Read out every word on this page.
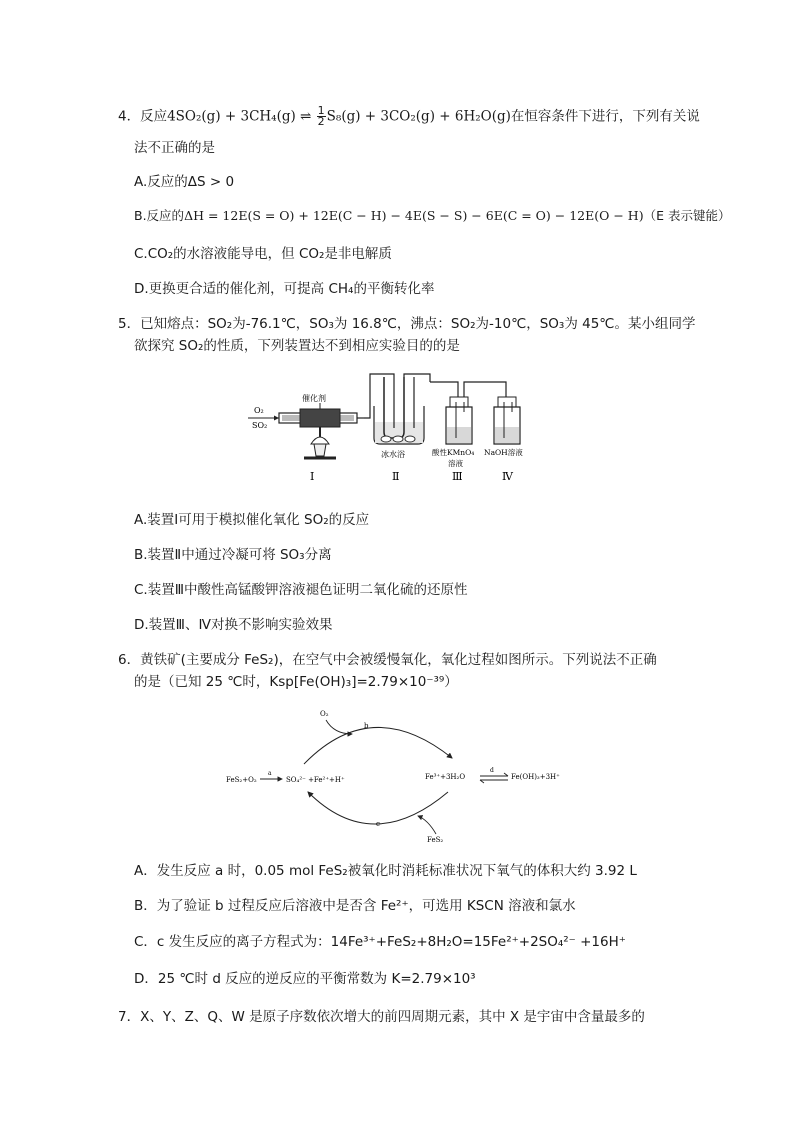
4．反应4SO₂(g) + 3CH₄(g) ⇌ $\frac{1}{2} S_8(g) + 3CO_2(g) + 6H_2O(g)$在恒容条件下进行，下列有关说
法不正确的是
A.反应的ΔS > 0
B.反应的ΔH = 12E(S = O) + 12E(C − H) − 4E(S − S) − 6E(C = O) − 12E(O − H)（E 表示键能）
C.CO₂的水溶液能导电，但 CO₂是非电解质
D.更换更合适的催化剂，可提高 CH₄的平衡转化率
5．已知熔点：SO₂为-76.1℃，SO₃为 16.8℃，沸点：SO₂为-10℃，SO₃为 45℃。某小组同学
欲探究 SO₂的性质，下列装置达不到相应实验目的的是
O₂
SO₂
催化剂
冰水浴	酸性KMnO₄
溶液
NaOH溶液
Ⅰ	Ⅱ	Ⅲ	Ⅳ
A.装置Ⅰ可用于模拟催化氧化 SO₂的反应
B.装置Ⅱ中通过冷凝可将 SO₃分离
C.装置Ⅲ中酸性高锰酸钾溶液褪色证明二氧化硫的还原性
D.装置Ⅲ、Ⅳ对换不影响实验效果
6．黄铁矿(主要成分 FeS₂)，在空气中会被缓慢氧化，氧化过程如图所示。下列说法不正确
的是（已知 25 ℃时，Ksp[Fe(OH)₃]=2.79×10⁻³⁹）
O₂
b
FeS₂+O₂
a
SO₄²⁻ +Fe²⁺+H⁺	Fe³⁺+3H₂O
d
Fe(OH)₃+3H⁺
c
FeS₂
A．发生反应 a 时，0.05 mol FeS₂被氧化时消耗标准状况下氧气的体积大约 3.92 L
B．为了验证 b 过程反应后溶液中是否含 Fe²⁺，可选用 KSCN 溶液和氯水
C．c 发生反应的离子方程式为：14Fe³⁺+FeS₂+8H₂O=15Fe²⁺+2SO₄²⁻ +16H⁺
D．25 ℃时 d 反应的逆反应的平衡常数为 K=2.79×10³
7．X、Y、Z、Q、W 是原子序数依次增大的前四周期元素，其中 X 是宇宙中含量最多的
